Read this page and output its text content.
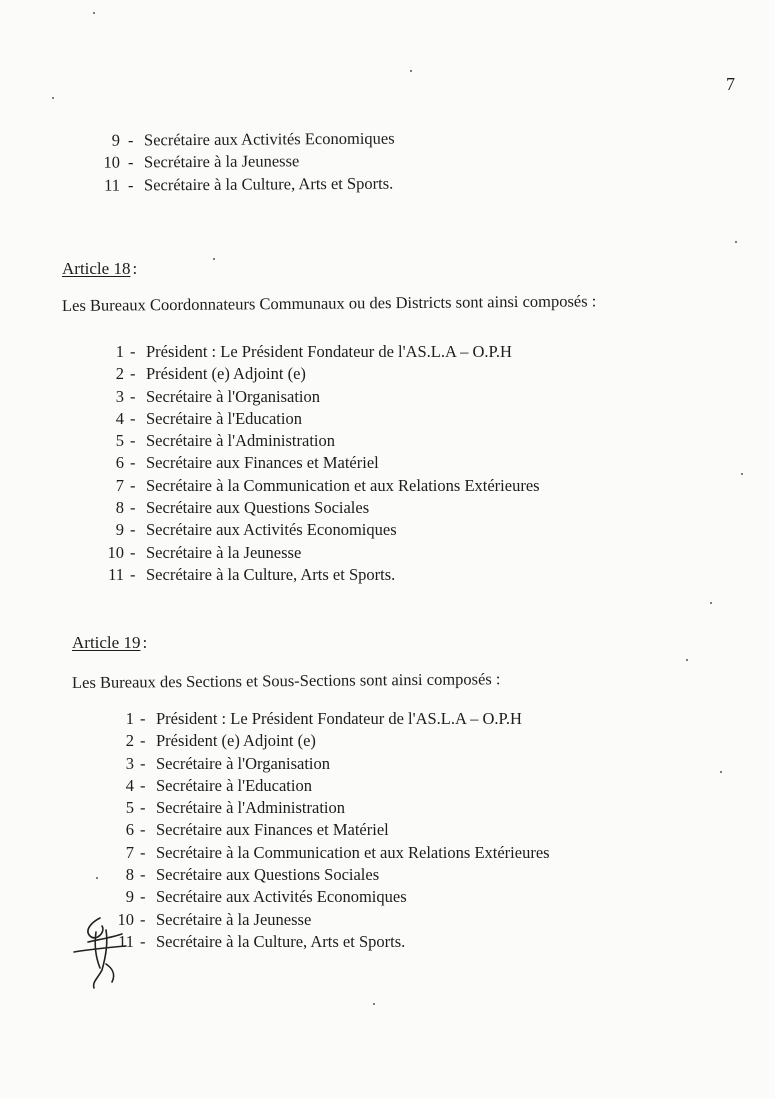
7
9 - Secrétaire aux Activités Economiques
10 - Secrétaire à la Jeunesse
11 - Secrétaire à la Culture, Arts et Sports.
Article 18 :
Les Bureaux Coordonnateurs Communaux ou des Districts sont ainsi composés :
1 - Président : Le Président Fondateur de l'AS.L.A – O.P.H
2 - Président (e) Adjoint (e)
3 - Secrétaire à l'Organisation
4 - Secrétaire à l'Education
5 - Secrétaire à l'Administration
6 - Secrétaire aux Finances et Matériel
7 - Secrétaire à la Communication et aux Relations Extérieures
8 - Secrétaire aux Questions Sociales
9 - Secrétaire aux Activités Economiques
10 - Secrétaire à la Jeunesse
11 - Secrétaire à la Culture, Arts et Sports.
Article 19 :
Les Bureaux des Sections et Sous-Sections sont ainsi composés :
1 - Président : Le Président Fondateur de l'AS.L.A – O.P.H
2 - Président (e) Adjoint (e)
3 - Secrétaire à l'Organisation
4 - Secrétaire à l'Education
5 - Secrétaire à l'Administration
6 - Secrétaire aux Finances et Matériel
7 - Secrétaire à la Communication et aux Relations Extérieures
8 - Secrétaire aux Questions Sociales
9 - Secrétaire aux Activités Economiques
10 - Secrétaire à la Jeunesse
11 - Secrétaire à la Culture, Arts et Sports.
